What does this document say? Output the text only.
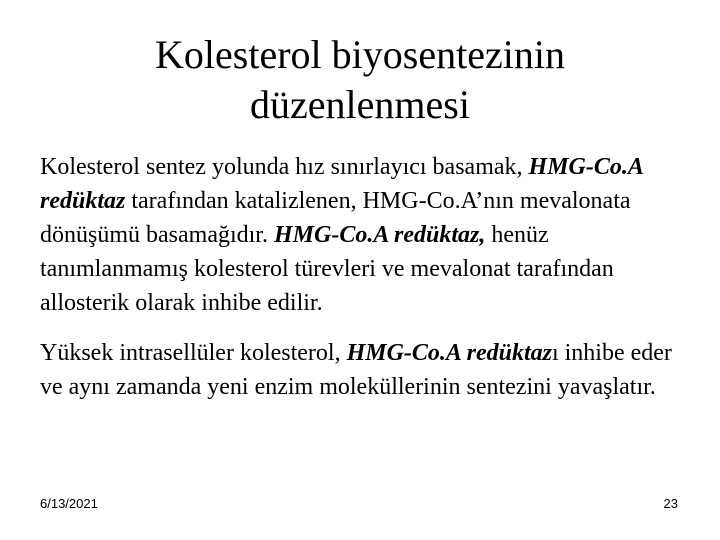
Kolesterol biyosentezinin
düzenlenmesi

Kolesterol sentez yolunda hız sınırlayıcı basamak, HMG-Co.A redüktaz tarafından katalizlenen, HMG-Co.A’nın mevalonata dönüşümü basamağıdır. HMG-Co.A redüktaz, henüz tanımlanmamış kolesterol türevleri ve mevalonat tarafından allosterik olarak inhibe edilir.

Yüksek intrasellüler kolesterol, HMG-Co.A redüktazı inhibe eder ve aynı zamanda yeni enzim moleküllerinin sentezini yavaşlatır.

6/13/2021	23
